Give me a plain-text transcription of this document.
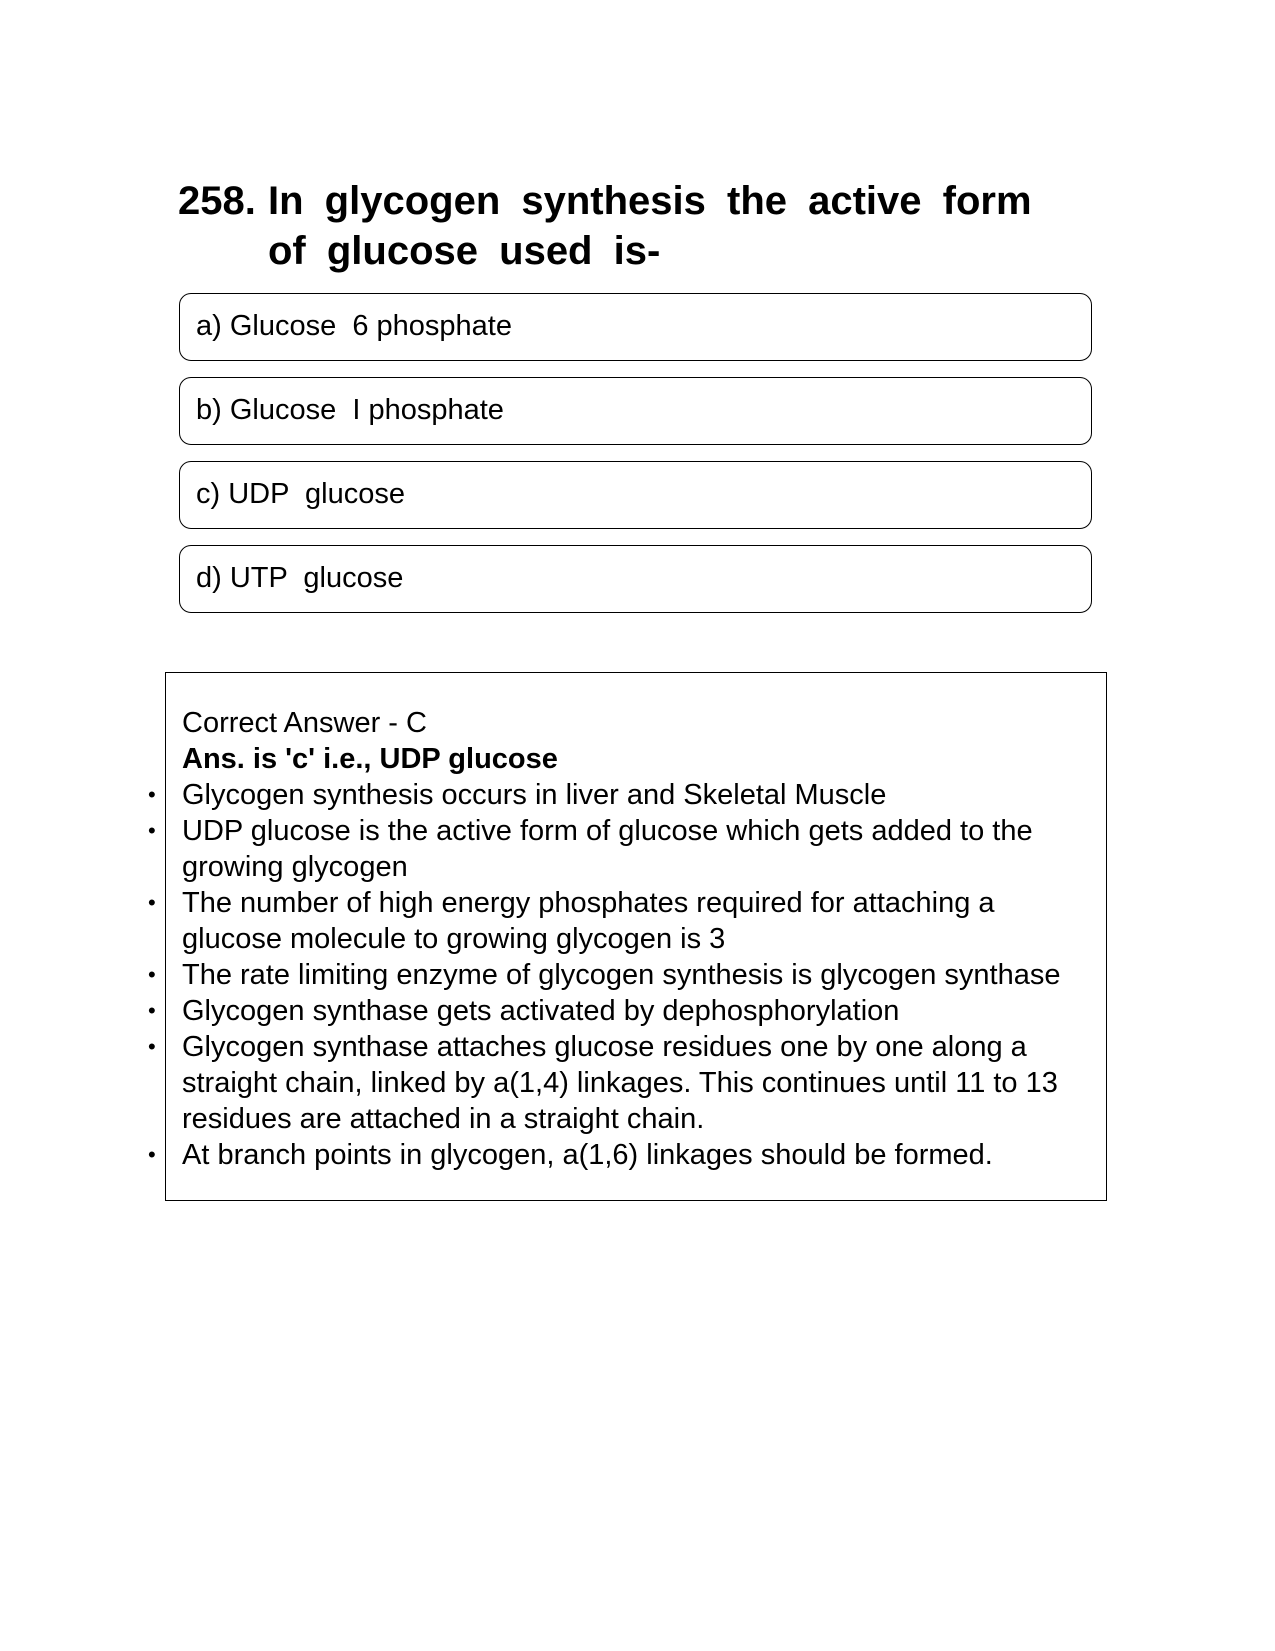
258. In glycogen synthesis the active form of glucose used is-
a) Glucose  6 phosphate
b) Glucose  I phosphate
c) UDP  glucose
d) UTP  glucose
Correct Answer - C
Ans. is 'c' i.e., UDP glucose
• Glycogen synthesis occurs in liver and Skeletal Muscle
• UDP glucose is the active form of glucose which gets added to the growing glycogen
• The number of high energy phosphates required for attaching a glucose molecule to growing glycogen is 3
• The rate limiting enzyme of glycogen synthesis is glycogen synthase
• Glycogen synthase gets activated by dephosphorylation
• Glycogen synthase attaches glucose residues one by one along a straight chain, linked by a(1,4) linkages. This continues until 11 to 13 residues are attached in a straight chain.
• At branch points in glycogen, a(1,6) linkages should be formed.
